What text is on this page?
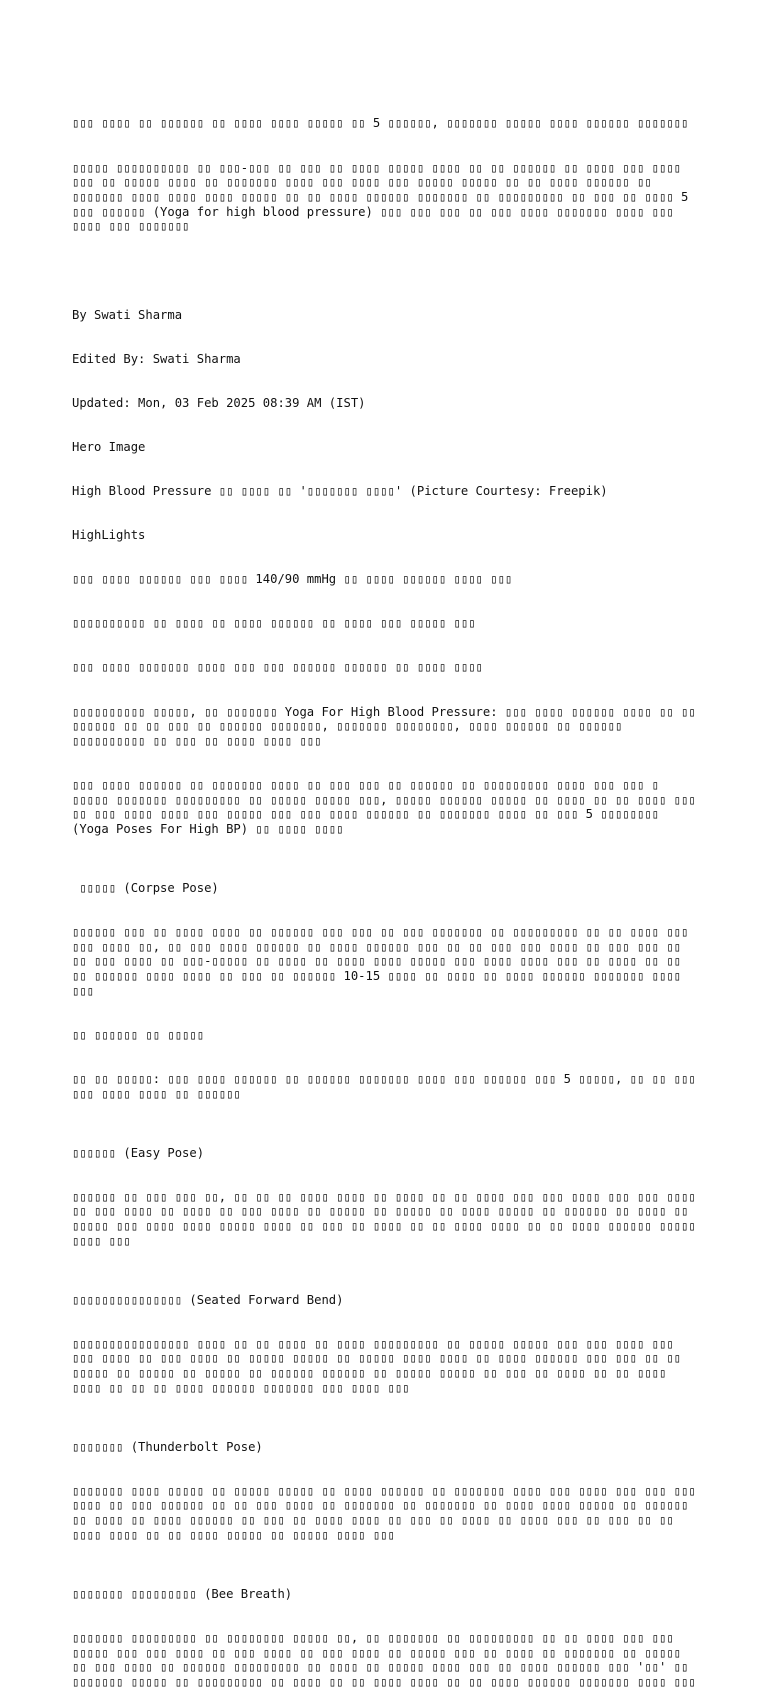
▯▯▯ ▯▯▯▯ ▯▯ ▯▯▯▯▯▯ ▯▯ ▯▯▯▯ ▯▯▯▯ ▯▯▯▯▯ ▯▯ 5 ▯▯▯▯▯▯, ▯▯▯▯▯▯▯ ▯▯▯▯▯ ▯▯▯▯ ▯▯▯▯▯▯ ▯▯▯▯▯▯▯

▯▯▯▯▯ ▯▯▯▯▯▯▯▯▯▯ ▯▯ ▯▯▯-▯▯▯ ▯▯ ▯▯▯ ▯▯ ▯▯▯▯ ▯▯▯▯▯ ▯▯▯▯ ▯▯ ▯▯ ▯▯▯▯▯▯ ▯▯ ▯▯▯▯ ▯▯▯ ▯▯▯▯ ▯▯▯ ▯▯ ▯▯▯▯▯ ▯▯▯▯ ▯▯ ▯▯▯▯▯▯▯ ▯▯▯▯ ▯▯▯ ▯▯▯▯ ▯▯▯ ▯▯▯▯▯ ▯▯▯▯▯ ▯▯ ▯▯ ▯▯▯▯ ▯▯▯▯▯▯ ▯▯ ▯▯▯▯▯▯▯ ▯▯▯▯ ▯▯▯▯ ▯▯▯▯ ▯▯▯▯▯ ▯▯ ▯▯ ▯▯▯▯ ▯▯▯▯▯▯ ▯▯▯▯▯▯▯ ▯▯ ▯▯▯▯▯▯▯▯▯ ▯▯ ▯▯▯ ▯▯ ▯▯▯▯ 5 ▯▯▯ ▯▯▯▯▯▯ (Yoga for high blood pressure) ▯▯▯ ▯▯▯ ▯▯▯ ▯▯ ▯▯▯ ▯▯▯▯ ▯▯▯▯▯▯▯ ▯▯▯▯ ▯▯▯ ▯▯▯▯ ▯▯▯ ▯▯▯▯▯▯▯

By Swati Sharma

Edited By: Swati Sharma

Updated: Mon, 03 Feb 2025 08:39 AM (IST)

Hero Image

High Blood Pressure ▯▯ ▯▯▯▯ ▯▯ '▯▯▯▯▯▯▯ ▯▯▯▯' (Picture Courtesy: Freepik)

HighLights

▯▯▯ ▯▯▯▯ ▯▯▯▯▯▯ ▯▯▯ ▯▯▯▯ 140/90 mmHg ▯▯ ▯▯▯▯ ▯▯▯▯▯▯ ▯▯▯▯ ▯▯▯

▯▯▯▯▯▯▯▯▯▯ ▯▯ ▯▯▯▯ ▯▯ ▯▯▯▯ ▯▯▯▯▯▯ ▯▯ ▯▯▯▯ ▯▯▯ ▯▯▯▯▯ ▯▯▯

▯▯▯ ▯▯▯▯ ▯▯▯▯▯▯▯ ▯▯▯▯ ▯▯▯ ▯▯▯ ▯▯▯▯▯▯ ▯▯▯▯▯▯ ▯▯ ▯▯▯▯ ▯▯▯▯

▯▯▯▯▯▯▯▯▯▯ ▯▯▯▯▯, ▯▯ ▯▯▯▯▯▯▯ Yoga For High Blood Pressure: ▯▯▯ ▯▯▯▯ ▯▯▯▯▯▯ ▯▯▯▯ ▯▯ ▯▯ ▯▯▯▯▯▯ ▯▯ ▯▯ ▯▯▯ ▯▯ ▯▯▯▯▯▯ ▯▯▯▯▯▯▯, ▯▯▯▯▯▯▯ ▯▯▯▯▯▯▯▯, ▯▯▯▯ ▯▯▯▯▯▯ ▯▯ ▯▯▯▯▯▯ ▯▯▯▯▯▯▯▯▯▯ ▯▯ ▯▯▯ ▯▯ ▯▯▯▯ ▯▯▯▯ ▯▯▯

▯▯▯ ▯▯▯▯ ▯▯▯▯▯▯ ▯▯ ▯▯▯▯▯▯▯ ▯▯▯▯ ▯▯ ▯▯▯ ▯▯▯ ▯▯ ▯▯▯▯▯▯ ▯▯ ▯▯▯▯▯▯▯▯▯ ▯▯▯▯ ▯▯▯ ▯▯▯ ▯ ▯▯▯▯▯ ▯▯▯▯▯▯▯ ▯▯▯▯▯▯▯▯▯ ▯▯ ▯▯▯▯▯ ▯▯▯▯▯ ▯▯▯, ▯▯▯▯▯ ▯▯▯▯▯▯ ▯▯▯▯▯ ▯▯ ▯▯▯▯ ▯▯ ▯▯ ▯▯▯▯ ▯▯▯ ▯▯ ▯▯▯ ▯▯▯▯ ▯▯▯▯ ▯▯▯ ▯▯▯▯▯ ▯▯▯ ▯▯▯ ▯▯▯▯ ▯▯▯▯▯▯ ▯▯ ▯▯▯▯▯▯▯ ▯▯▯▯ ▯▯ ▯▯▯ 5 ▯▯▯▯▯▯▯▯ (Yoga Poses For High BP) ▯▯ ▯▯▯▯ ▯▯▯▯

▯▯▯▯▯ (Corpse Pose)

▯▯▯▯▯▯ ▯▯▯ ▯▯ ▯▯▯▯ ▯▯▯▯ ▯▯ ▯▯▯▯▯▯ ▯▯▯ ▯▯▯ ▯▯ ▯▯▯ ▯▯▯▯▯▯▯ ▯▯ ▯▯▯▯▯▯▯▯▯ ▯▯ ▯▯ ▯▯▯▯ ▯▯▯ ▯▯▯ ▯▯▯▯ ▯▯, ▯▯ ▯▯▯ ▯▯▯▯ ▯▯▯▯▯▯ ▯▯ ▯▯▯▯ ▯▯▯▯▯▯ ▯▯▯ ▯▯ ▯▯ ▯▯▯ ▯▯▯ ▯▯▯▯ ▯▯ ▯▯▯ ▯▯▯ ▯▯ ▯▯ ▯▯▯ ▯▯▯▯ ▯▯ ▯▯▯-▯▯▯▯▯ ▯▯ ▯▯▯▯ ▯▯ ▯▯▯▯ ▯▯▯▯ ▯▯▯▯▯ ▯▯▯ ▯▯▯▯ ▯▯▯▯ ▯▯▯ ▯▯ ▯▯▯▯ ▯▯ ▯▯ ▯▯ ▯▯▯▯▯▯ ▯▯▯▯ ▯▯▯▯ ▯▯ ▯▯▯ ▯▯ ▯▯▯▯▯▯ 10-15 ▯▯▯▯ ▯▯ ▯▯▯▯ ▯▯ ▯▯▯▯ ▯▯▯▯▯▯ ▯▯▯▯▯▯▯ ▯▯▯▯ ▯▯▯

▯▯ ▯▯▯▯▯▯ ▯▯ ▯▯▯▯▯

▯▯ ▯▯ ▯▯▯▯▯: ▯▯▯ ▯▯▯▯ ▯▯▯▯▯▯ ▯▯ ▯▯▯▯▯▯ ▯▯▯▯▯▯▯ ▯▯▯▯ ▯▯▯ ▯▯▯▯▯▯ ▯▯▯ 5 ▯▯▯▯▯, ▯▯ ▯▯ ▯▯▯ ▯▯▯ ▯▯▯▯ ▯▯▯▯ ▯▯ ▯▯▯▯▯▯

▯▯▯▯▯▯ (Easy Pose)

▯▯▯▯▯▯ ▯▯ ▯▯▯ ▯▯▯ ▯▯, ▯▯ ▯▯ ▯▯ ▯▯▯▯ ▯▯▯▯ ▯▯ ▯▯▯▯ ▯▯ ▯▯ ▯▯▯▯ ▯▯▯ ▯▯▯ ▯▯▯▯ ▯▯▯ ▯▯▯ ▯▯▯▯ ▯▯ ▯▯▯ ▯▯▯▯ ▯▯ ▯▯▯▯ ▯▯ ▯▯▯ ▯▯▯▯ ▯▯ ▯▯▯▯▯ ▯▯ ▯▯▯▯▯ ▯▯ ▯▯▯▯ ▯▯▯▯▯ ▯▯ ▯▯▯▯▯▯ ▯▯ ▯▯▯▯ ▯▯ ▯▯▯▯▯ ▯▯▯ ▯▯▯▯ ▯▯▯▯ ▯▯▯▯▯ ▯▯▯▯ ▯▯ ▯▯▯ ▯▯ ▯▯▯▯ ▯▯ ▯▯ ▯▯▯▯ ▯▯▯▯ ▯▯ ▯▯ ▯▯▯▯ ▯▯▯▯▯▯ ▯▯▯▯▯ ▯▯▯▯ ▯▯▯

▯▯▯▯▯▯▯▯▯▯▯▯▯▯▯ (Seated Forward Bend)

▯▯▯▯▯▯▯▯▯▯▯▯▯▯▯▯ ▯▯▯▯ ▯▯ ▯▯ ▯▯▯▯ ▯▯ ▯▯▯▯ ▯▯▯▯▯▯▯▯▯ ▯▯ ▯▯▯▯▯ ▯▯▯▯▯ ▯▯▯ ▯▯▯ ▯▯▯▯ ▯▯▯ ▯▯▯ ▯▯▯▯ ▯▯ ▯▯▯ ▯▯▯▯ ▯▯ ▯▯▯▯▯ ▯▯▯▯▯ ▯▯ ▯▯▯▯▯ ▯▯▯▯ ▯▯▯▯ ▯▯ ▯▯▯▯ ▯▯▯▯▯▯ ▯▯▯ ▯▯▯ ▯▯ ▯▯ ▯▯▯▯▯ ▯▯ ▯▯▯▯▯ ▯▯ ▯▯▯▯▯ ▯▯ ▯▯▯▯▯▯ ▯▯▯▯▯▯ ▯▯ ▯▯▯▯▯ ▯▯▯▯▯ ▯▯ ▯▯▯ ▯▯ ▯▯▯▯ ▯▯ ▯▯ ▯▯▯▯ ▯▯▯▯ ▯▯ ▯▯ ▯▯ ▯▯▯▯ ▯▯▯▯▯▯ ▯▯▯▯▯▯▯ ▯▯▯ ▯▯▯▯ ▯▯▯

▯▯▯▯▯▯▯ (Thunderbolt Pose)

▯▯▯▯▯▯▯ ▯▯▯▯ ▯▯▯▯▯ ▯▯ ▯▯▯▯▯ ▯▯▯▯▯ ▯▯ ▯▯▯▯ ▯▯▯▯▯▯ ▯▯ ▯▯▯▯▯▯▯ ▯▯▯▯ ▯▯▯ ▯▯▯▯ ▯▯▯ ▯▯▯ ▯▯▯ ▯▯▯▯ ▯▯ ▯▯▯ ▯▯▯▯▯▯ ▯▯ ▯▯ ▯▯▯ ▯▯▯▯ ▯▯ ▯▯▯▯▯▯▯ ▯▯ ▯▯▯▯▯▯▯ ▯▯ ▯▯▯▯ ▯▯▯▯ ▯▯▯▯▯ ▯▯ ▯▯▯▯▯▯ ▯▯ ▯▯▯▯ ▯▯ ▯▯▯▯ ▯▯▯▯▯▯ ▯▯ ▯▯▯ ▯▯ ▯▯▯▯ ▯▯▯▯ ▯▯ ▯▯▯ ▯▯ ▯▯▯▯ ▯▯ ▯▯▯▯ ▯▯▯ ▯▯ ▯▯▯ ▯▯ ▯▯ ▯▯▯▯ ▯▯▯▯ ▯▯ ▯▯ ▯▯▯▯ ▯▯▯▯▯ ▯▯ ▯▯▯▯▯ ▯▯▯▯ ▯▯▯

▯▯▯▯▯▯▯ ▯▯▯▯▯▯▯▯▯ (Bee Breath)

▯▯▯▯▯▯▯ ▯▯▯▯▯▯▯▯▯ ▯▯ ▯▯▯▯▯▯▯▯ ▯▯▯▯▯ ▯▯, ▯▯ ▯▯▯▯▯▯▯ ▯▯ ▯▯▯▯▯▯▯▯▯ ▯▯ ▯▯ ▯▯▯▯ ▯▯▯ ▯▯▯ ▯▯▯▯▯ ▯▯▯ ▯▯▯ ▯▯▯▯ ▯▯ ▯▯▯ ▯▯▯▯ ▯▯ ▯▯▯ ▯▯▯▯ ▯▯ ▯▯▯▯▯ ▯▯▯ ▯▯ ▯▯▯▯ ▯▯ ▯▯▯▯▯▯▯ ▯▯ ▯▯▯▯▯ ▯▯ ▯▯▯ ▯▯▯▯ ▯▯ ▯▯▯▯▯▯ ▯▯▯▯▯▯▯▯▯ ▯▯ ▯▯▯▯ ▯▯ ▯▯▯▯▯ ▯▯▯▯ ▯▯▯ ▯▯ ▯▯▯▯ ▯▯▯▯▯▯ ▯▯▯ '▯▯' ▯▯ ▯▯▯▯▯▯▯ ▯▯▯▯▯ ▯▯ ▯▯▯▯▯▯▯▯▯ ▯▯ ▯▯▯▯ ▯▯ ▯▯ ▯▯▯▯ ▯▯▯▯ ▯▯ ▯▯ ▯▯▯▯ ▯▯▯▯▯▯ ▯▯▯▯▯▯▯ ▯▯▯▯ ▯▯▯
